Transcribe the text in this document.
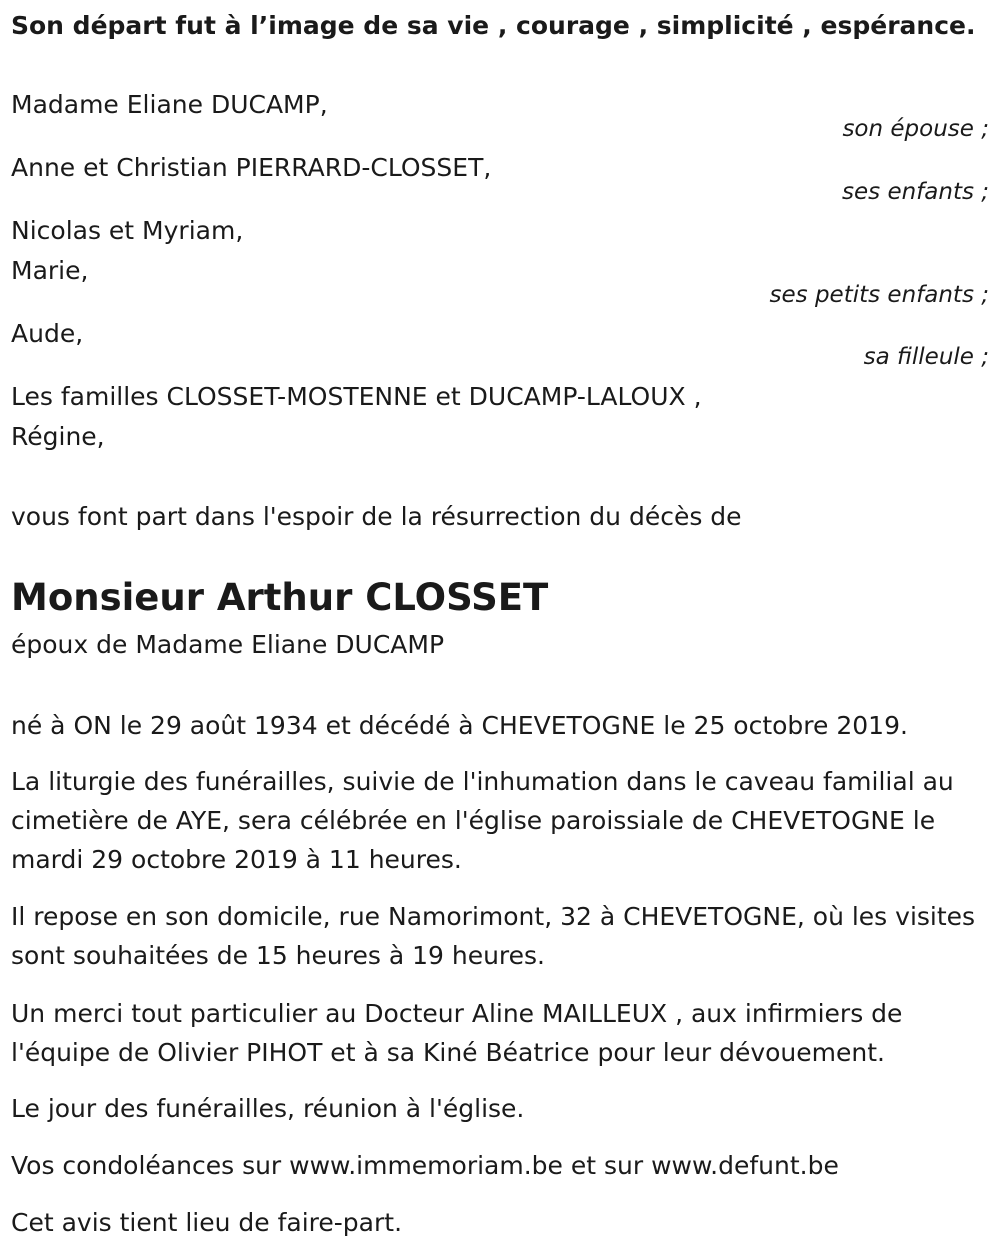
Son départ fut à l’image de sa vie , courage , simplicité , espérance.

Madame Eliane DUCAMP,

son épouse ;

Anne et Christian PIERRARD-CLOSSET,

ses enfants ;

Nicolas et Myriam,

Marie,

ses petits enfants ;

Aude,

sa filleule ;

Les familles CLOSSET-MOSTENNE et DUCAMP-LALOUX ,

Régine,

vous font part dans l'espoir de la résurrection du décès de

Monsieur Arthur CLOSSET

époux de Madame Eliane DUCAMP

né à ON le 29 août 1934 et décédé à CHEVETOGNE le 25 octobre 2019.

La liturgie des funérailles, suivie de l'inhumation dans le caveau familial au cimetière de AYE, sera célébrée en l'église paroissiale de CHEVETOGNE le mardi 29 octobre 2019 à 11 heures.

Il repose en son domicile, rue Namorimont, 32 à CHEVETOGNE, où les visites sont souhaitées de 15 heures à 19 heures.

Un merci tout particulier au Docteur Aline MAILLEUX , aux infirmiers de l'équipe de Olivier PIHOT et à sa Kiné Béatrice pour leur dévouement.

Le jour des funérailles, réunion à l'église.

Vos condoléances sur www.immemoriam.be et sur www.defunt.be

Cet avis tient lieu de faire-part.
